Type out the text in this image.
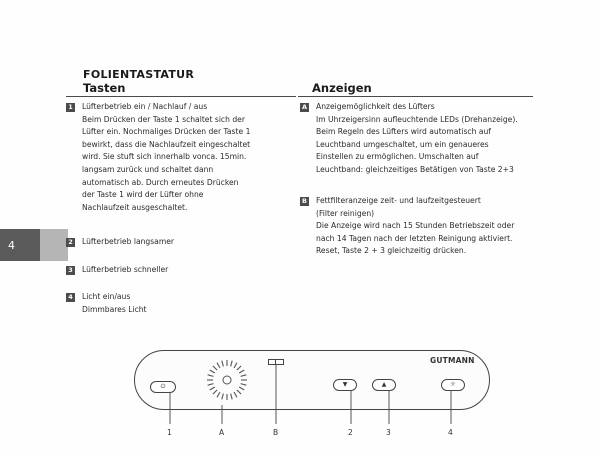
FOLIENTASTATUR
Tasten	Anzeigen
4
1	Lüfterbetrieb ein / Nachlauf / aus
Beim Drücken der Taste 1 schaltet sich der
Lüfter ein. Nochmaliges Drücken der Taste 1
bewirkt, dass die Nachlaufzeit eingeschaltet
wird. Sie stuft sich innerhalb vonca. 15min.
langsam zurück und schaltet dann
automatisch ab. Durch erneutes Drücken
der Taste 1 wird der Lüfter ohne
Nachlaufzeit ausgeschaltet.
2	Lüfterbetrieb langsamer
3	Lüfterbetrieb schneller
4	Licht ein/aus
Dimmbares Licht
A	Anzeigemöglichkeit des Lüfters
Im Uhrzeigersinn aufleuchtende LEDs (Drehanzeige).
Beim Regeln des Lüfters wird automatisch auf
Leuchtband umgeschaltet, um ein genaueres
Einstellen zu ermöglichen. Umschalten auf
Leuchtband: gleichzeitiges Betätigen von Taste 2+3
B	Fettfilteranzeige zeit- und laufzeitgesteuert
(Filter reinigen)
Die Anzeige wird nach 15 Stunden Betriebszeit oder
nach 14 Tagen nach der letzten Reinigung aktiviert.
Reset, Taste 2 + 3 gleichzeitig drücken.
⏻	▼	▲	☼
GUTMANN
1	A	B	2	3	4
